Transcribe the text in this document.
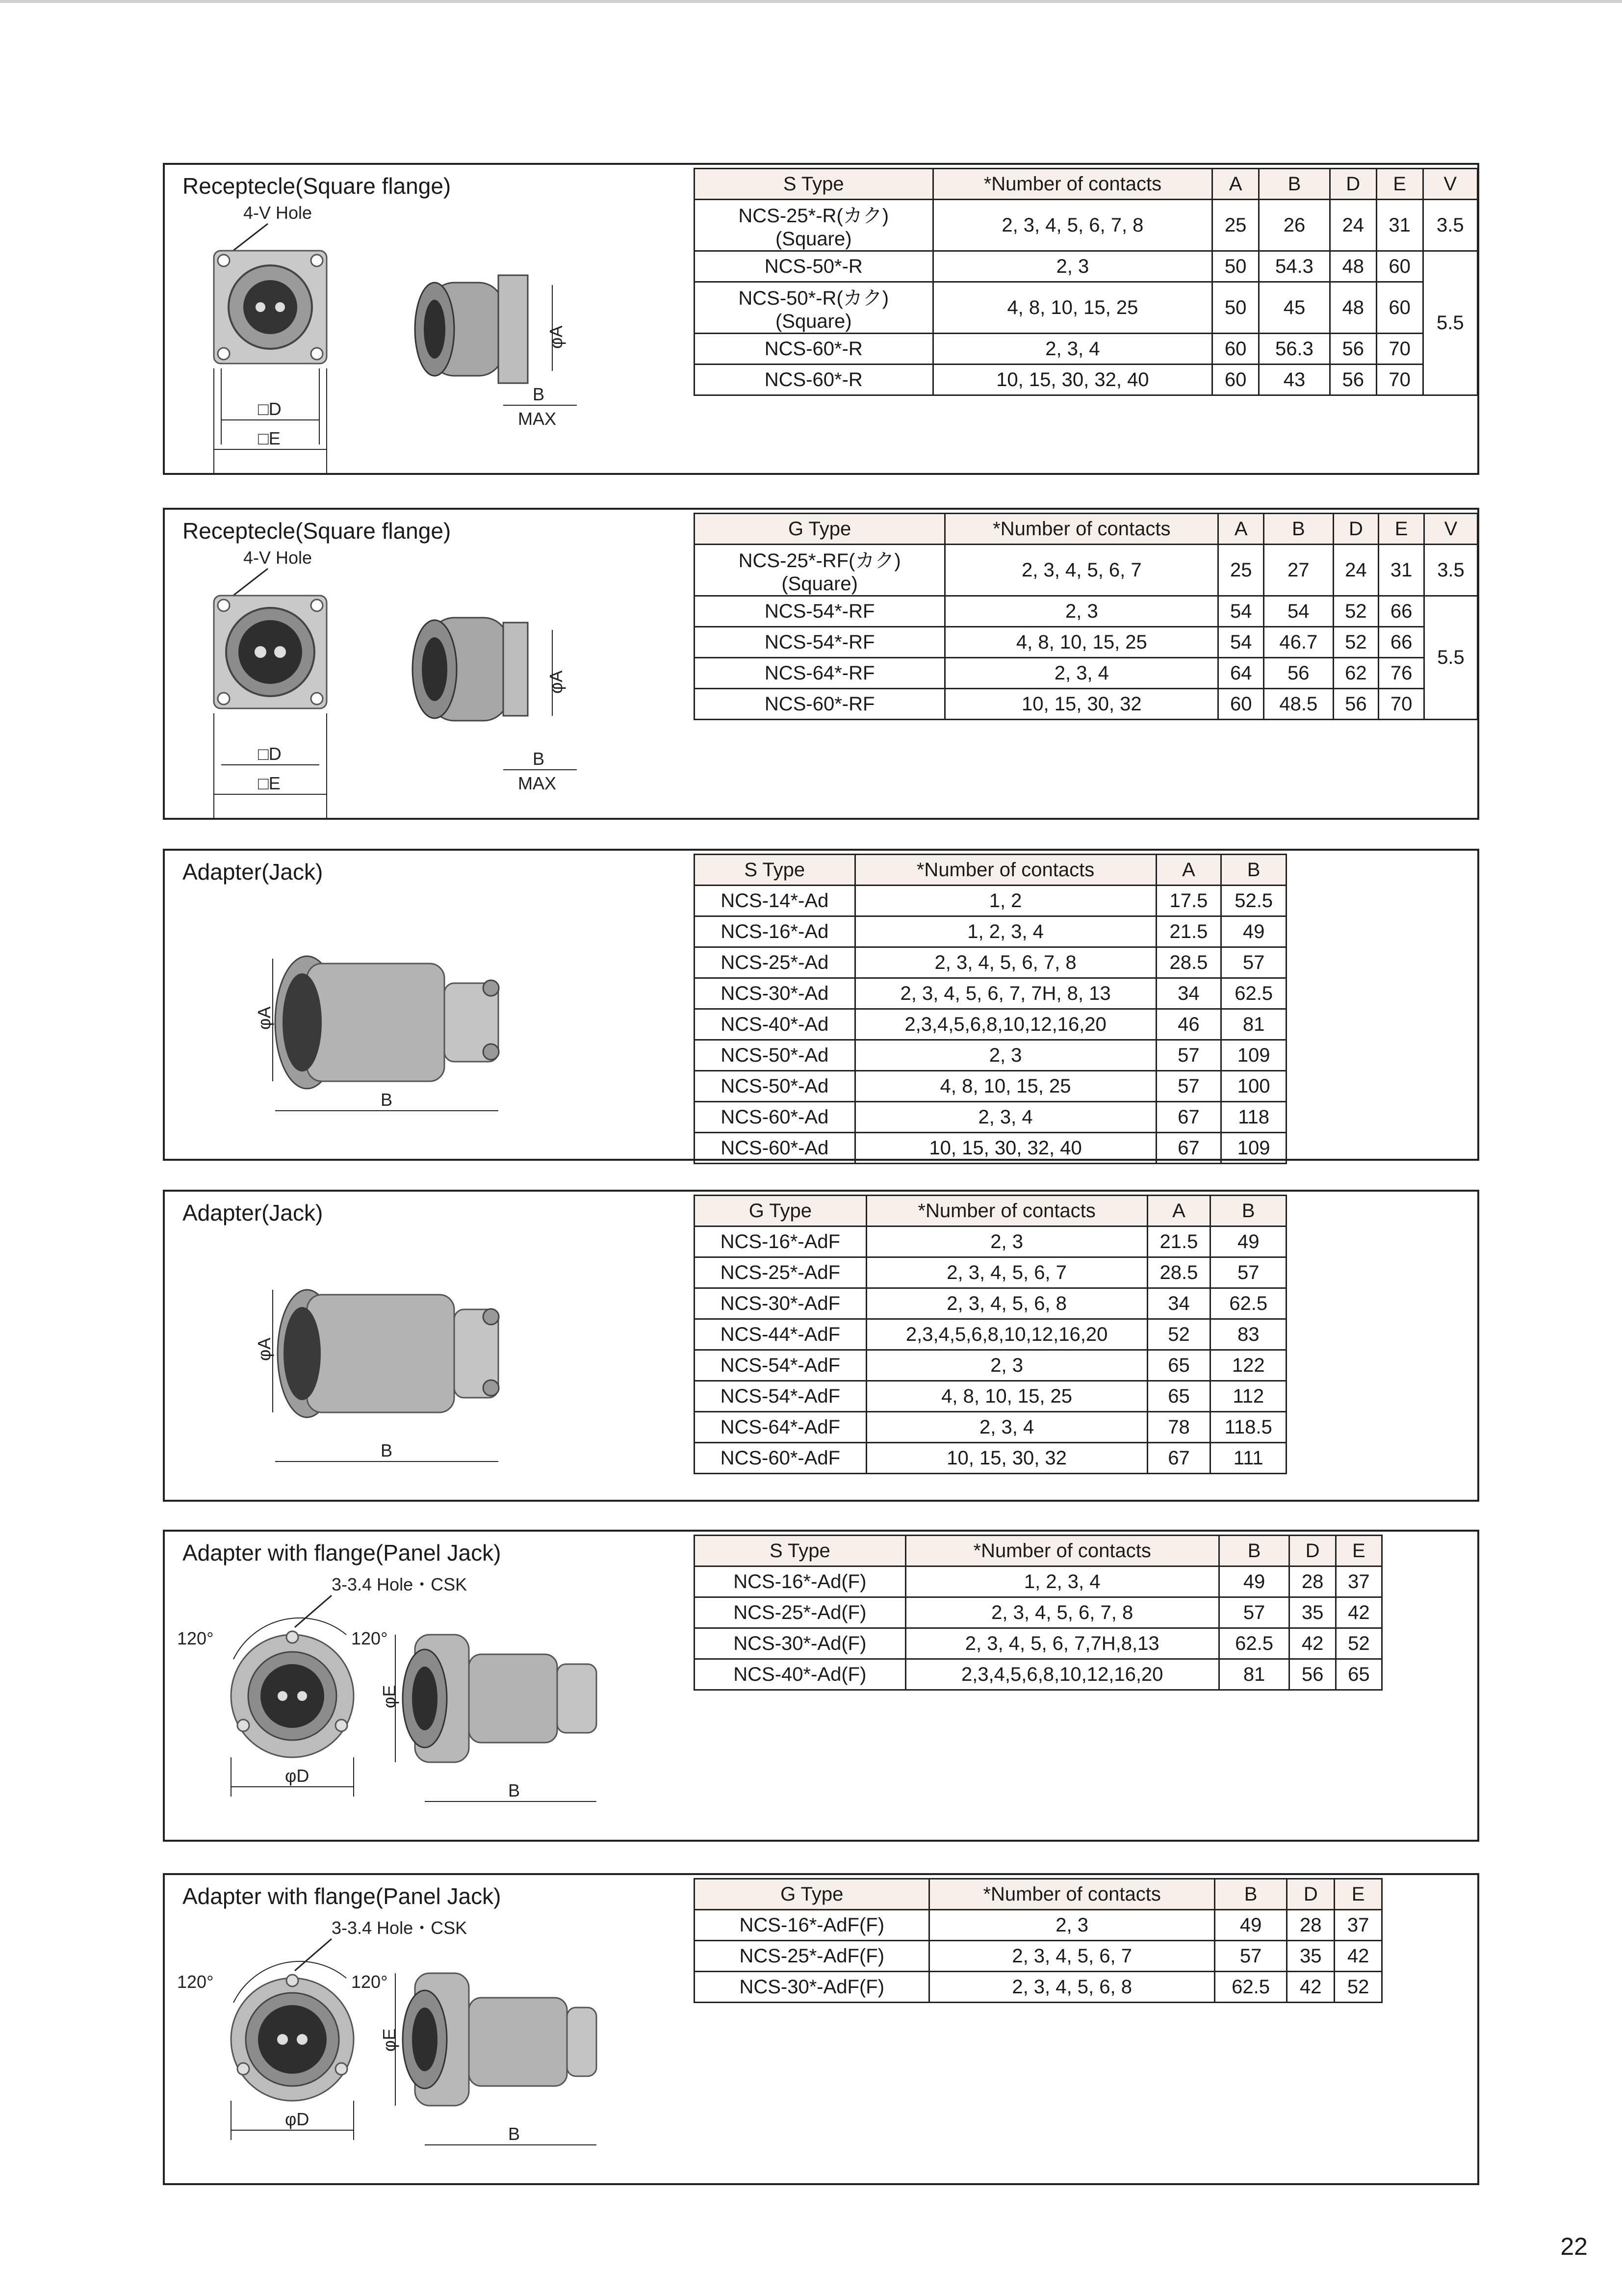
Receptecle(Square flange)
4-V Hole
□D
□E
φA
B
MAX
S Type	*Number of contacts	A	B	D	E	V
NCS-25*-R(カク)
(Square)	2, 3, 4, 5, 6, 7, 8	25	26	24	31	3.5
NCS-50*-R	2, 3	50	54.3	48	60	5.5
NCS-50*-R(カク)
(Square)	4, 8, 10, 15, 25	50	45	48	60	
NCS-60*-R	2, 3, 4	60	56.3	56	70	
NCS-60*-R	10, 15, 30, 32, 40	60	43	56	70	
Receptecle(Square flange)
4-V Hole
□D
□E
φA
B
MAX
G Type	*Number of contacts	A	B	D	E	V
NCS-25*-RF(カク)
(Square)	2, 3, 4, 5, 6, 7	25	27	24	31	3.5
NCS-54*-RF	2, 3	54	54	52	66	5.5
NCS-54*-RF	4, 8, 10, 15, 25	54	46.7	52	66	
NCS-64*-RF	2, 3, 4	64	56	62	76	
NCS-60*-RF	10, 15, 30, 32	60	48.5	56	70	
Adapter(Jack)
φA
B
S Type	*Number of contacts	A	B
NCS-14*-Ad	1, 2	17.5	52.5
NCS-16*-Ad	1, 2, 3, 4	21.5	49
NCS-25*-Ad	2, 3, 4, 5, 6, 7, 8	28.5	57
NCS-30*-Ad	2, 3, 4, 5, 6, 7, 7H, 8, 13	34	62.5
NCS-40*-Ad	2,3,4,5,6,8,10,12,16,20	46	81
NCS-50*-Ad	2, 3	57	109
NCS-50*-Ad	4, 8, 10, 15, 25	57	100
NCS-60*-Ad	2, 3, 4	67	118
NCS-60*-Ad	10, 15, 30, 32, 40	67	109
Adapter(Jack)
φA
B
G Type	*Number of contacts	A	B
NCS-16*-AdF	2, 3	21.5	49
NCS-25*-AdF	2, 3, 4, 5, 6, 7	28.5	57
NCS-30*-AdF	2, 3, 4, 5, 6, 8	34	62.5
NCS-44*-AdF	2,3,4,5,6,8,10,12,16,20	52	83
NCS-54*-AdF	2, 3	65	122
NCS-54*-AdF	4, 8, 10, 15, 25	65	112
NCS-64*-AdF	2, 3, 4	78	118.5
NCS-60*-AdF	10, 15, 30, 32	67	111
Adapter with flange(Panel Jack)
3-3.4 Hole・CSK
120°	120°
φD
φE
B
S Type	*Number of contacts	B	D	E
NCS-16*-Ad(F)	1, 2, 3, 4	49	28	37
NCS-25*-Ad(F)	2, 3, 4, 5, 6, 7, 8	57	35	42
NCS-30*-Ad(F)	2, 3, 4, 5, 6, 7,7H,8,13	62.5	42	52
NCS-40*-Ad(F)	2,3,4,5,6,8,10,12,16,20	81	56	65
Adapter with flange(Panel Jack)
3-3.4 Hole・CSK
120°	120°
φD
φE
B
G Type	*Number of contacts	B	D	E
NCS-16*-AdF(F)	2, 3	49	28	37
NCS-25*-AdF(F)	2, 3, 4, 5, 6, 7	57	35	42
NCS-30*-AdF(F)	2, 3, 4, 5, 6, 8	62.5	42	52
22
